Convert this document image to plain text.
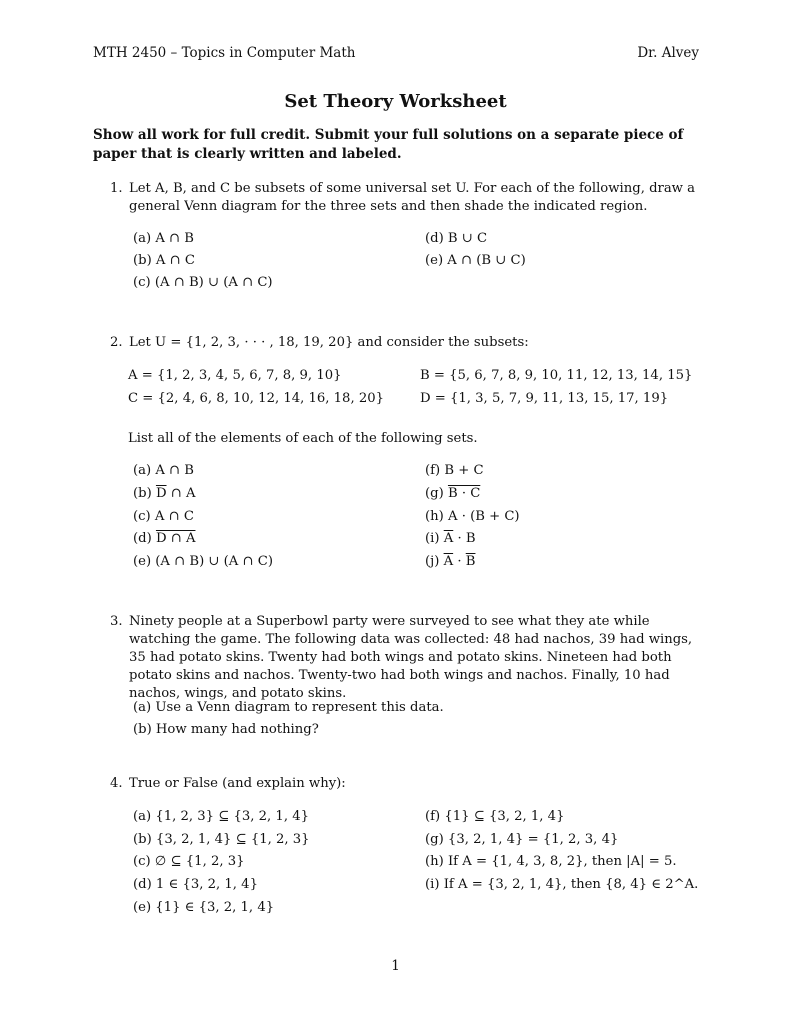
MTH 2450 – Topics in Computer Math	Dr. Alvey
Set Theory Worksheet
Show all work for full credit. Submit your full solutions on a separate piece of paper that is clearly written and labeled.
1. Let A, B, and C be subsets of some universal set U. For each of the following, draw a general Venn diagram for the three sets and then shade the indicated region.
(a) A ∩ B
(b) A ∩ C
(c) (A ∩ B) ∪ (A ∩ C)
(d) B ∪ C
(e) A ∩ (B ∪ C)
2. Let U = {1, 2, 3, · · · , 18, 19, 20} and consider the subsets:
A = {1, 2, 3, 4, 5, 6, 7, 8, 9, 10}	B = {5, 6, 7, 8, 9, 10, 11, 12, 13, 14, 15}
C = {2, 4, 6, 8, 10, 12, 14, 16, 18, 20}	D = {1, 3, 5, 7, 9, 11, 13, 15, 17, 19}
List all of the elements of each of the following sets.
(a) A ∩ B
(b) $\overline{D}$ ∩ A
(c) A ∩ C
(d) D ∩ A
(e) (A ∩ B) ∪ (A ∩ C)
(f) B + C
(g) B · C
(h) A · (B + C)
(i) $\overline{A} \cdot B$
(j) $\overline{A} \cdot \overline{B}$
3. Ninety people at a Superbowl party were surveyed to see what they ate while watching the game. The following data was collected: 48 had nachos, 39 had wings, 35 had potato skins. Twenty had both wings and potato skins. Nineteen had both potato skins and nachos. Twenty-two had both wings and nachos. Finally, 10 had nachos, wings, and potato skins.
(a) Use a Venn diagram to represent this data.
(b) How many had nothing?
4. True or False (and explain why):
(a) {1, 2, 3} ⊆ {3, 2, 1, 4}
(b) {3, 2, 1, 4} ⊆ {1, 2, 3}
(c) ∅ ⊆ {1, 2, 3}
(d) 1 ∈ {3, 2, 1, 4}
(e) {1} ∈ {3, 2, 1, 4}
(f) {1} ⊆ {3, 2, 1, 4}
(g) {3, 2, 1, 4} = {1, 2, 3, 4}
(h) If A = {1, 4, 3, 8, 2}, then |A| = 5.
(i) If A = {3, 2, 1, 4}, then {8, 4} ∈ 2^A.
1
